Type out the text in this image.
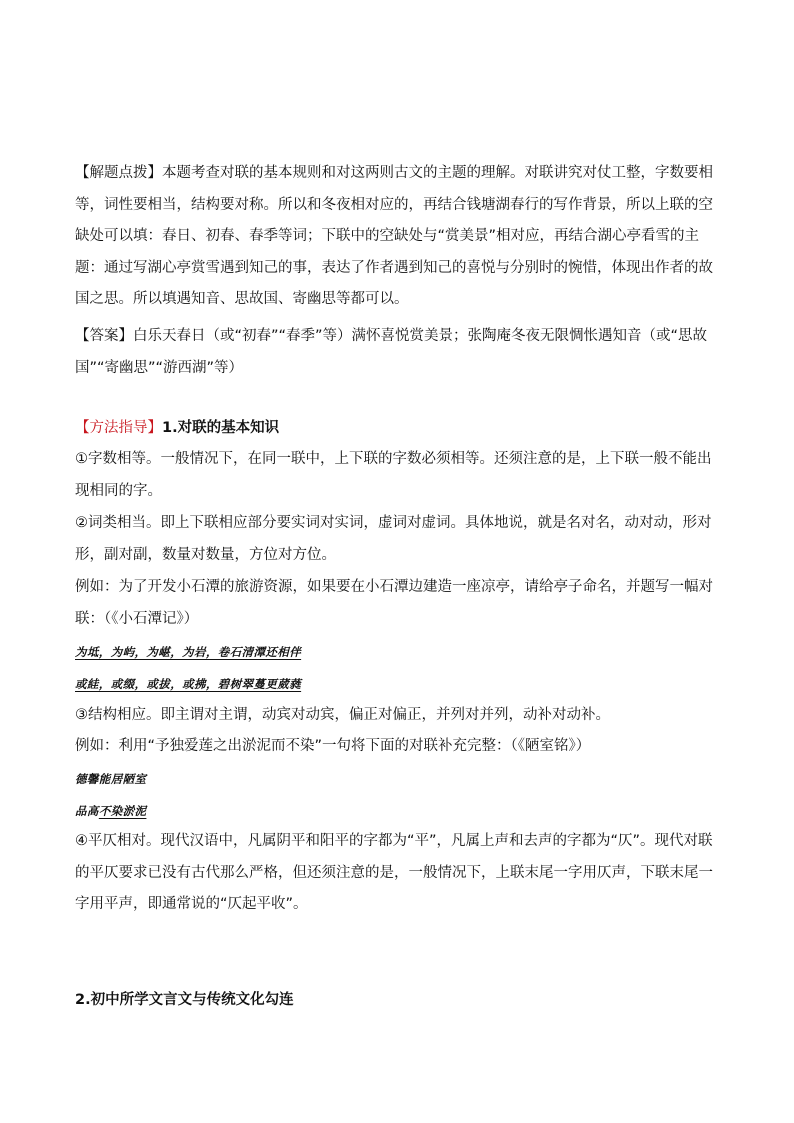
【解题点拨】本题考查对联的基本规则和对这两则古文的主题的理解。对联讲究对仗工整，字数要相等，词性要相当，结构要对称。所以和冬夜相对应的，再结合钱塘湖春行的写作背景，所以上联的空缺处可以填：春日、初春、春季等词；下联中的空缺处与“赏美景”相对应，再结合湖心亭看雪的主题：通过写湖心亭赏雪遇到知己的事，表达了作者遇到知己的喜悦与分别时的惋惜，体现出作者的故国之思。所以填遇知音、思故国、寄幽思等都可以。

【答案】白乐天春日（或“初春”“春季”等）满怀喜悦赏美景；张陶庵冬夜无限惆怅遇知音（或“思故国”“寄幽思”“游西湖”等）

【方法指导】1.对联的基本知识

①字数相等。一般情况下，在同一联中，上下联的字数必须相等。还须注意的是，上下联一般不能出现相同的字。

②词类相当。即上下联相应部分要实词对实词，虚词对虚词。具体地说，就是名对名，动对动，形对形，副对副，数量对数量，方位对方位。

例如：为了开发小石潭的旅游资源，如果要在小石潭边建造一座凉亭，请给亭子命名，并题写一幅对联：（《小石潭记》）

为坻，为屿，为嵁，为岩，卷石清潭还相伴
或絓，或缀，或拔，或拂，碧树翠蔓更葳蕤

③结构相应。即主谓对主谓，动宾对动宾，偏正对偏正，并列对并列，动补对动补。

例如：利用“予独爱莲之出淤泥而不染”一句将下面的对联补充完整：（《陋室铭》）

德馨能居陋室
品高不染淤泥

④平仄相对。现代汉语中，凡属阴平和阳平的字都为“平”，凡属上声和去声的字都为“仄”。现代对联的平仄要求已没有古代那么严格，但还须注意的是，一般情况下，上联末尾一字用仄声，下联末尾一字用平声，即通常说的“仄起平收”。

2.初中所学文言文与传统文化勾连
